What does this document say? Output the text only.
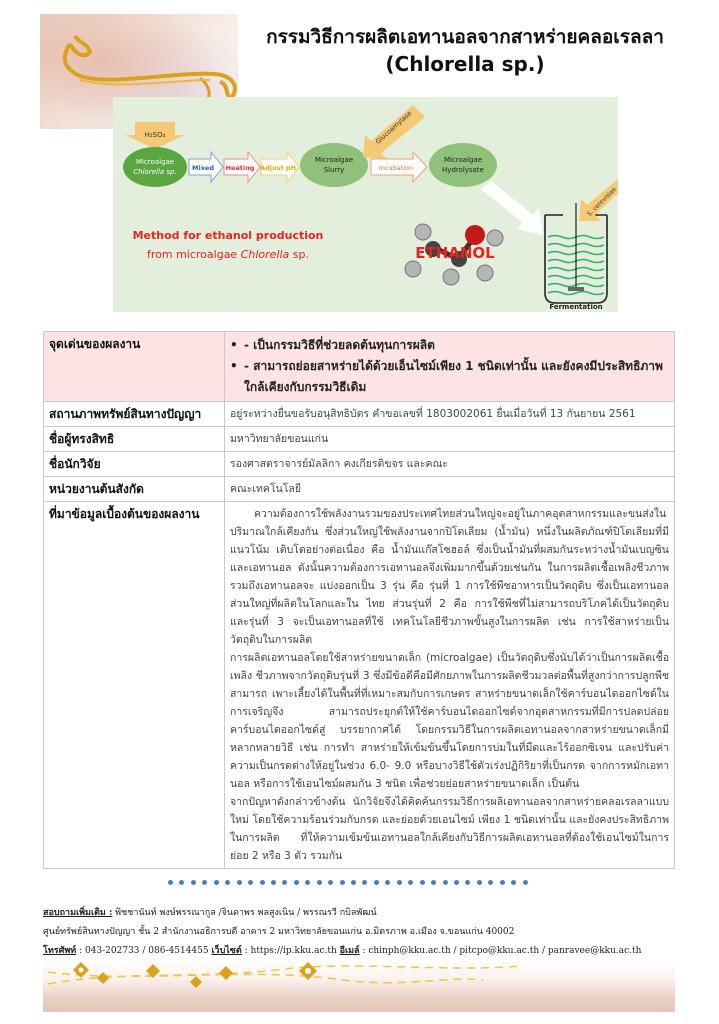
กรรมวิธีการผลิตเอทานอลจากสาหร่ายคลอเรลลา
(Chlorella sp.)
H₂SO₄
Microalgae
Chlorella sp. Mixed Heating Adjust pH
Microalgae
Slurry
Glucoamylase
Incubation
Microalgae
Hydrolysate
Fermentation
S. cerevisiae
Method for ethanol production
from microalgae Chlorella sp.	ETHANOL
จุดเด่นของผลงาน	• - เป็นกรรมวิธีที่ช่วยลดต้นทุนการผลิต
• - สามารถย่อยสาหร่ายได้ด้วยเอ็นไซม์เพียง 1 ชนิดเท่านั้น และยังคงมีประสิทธิภาพ
ใกล้เคียงกับกรรมวิธีเดิม

สถานภาพทรัพย์สินทางปัญญา	อยู่ระหว่างยื่นขอรับอนุสิทธิบัตร คำขอเลขที่ 1803002061 ยื่นเมื่อวันที่ 13 กันยายน 2561
ชื่อผู้ทรงสิทธิ	มหาวิทยาลัยขอนแก่น
ชื่อนักวิจัย	รองศาสตราจารย์มัลลิกา คงเกียรติขจร และคณะ
หน่วยงานต้นสังกัด	คณะเทคโนโลยี
ที่มาข้อมูลเบื้องต้นของผลงาน	ความต้องการใช้พลังงานรวมของประเทศไทยส่วนใหญ่จะอยู่ในภาคอุตสาหกรรมและขนส่งใน ปริมาณใกล้เคียงกัน ซึ่งส่วนใหญ่ใช้พลังงานจากปิโตเลียม (น้ำมัน) หนึ่งในผลิตภัณฑ์ปิโตเลียมที่มีแนวโน้ม เติบโตอย่างต่อเนื่อง คือ น้ำมันแก๊สโซฮอล์ ซึ่งเป็นน้ำมันที่ผสมกันระหว่างน้ำมันเบญซินและเอทานอล ดังนั้นความต้องการเอทานอลจึงเพิ่มมากขึ้นด้วยเช่นกัน ในการผลิตเชื้อเพลิงชีวภาพรวมถึงเอทานอลจะ แบ่งออกเป็น 3 รุ่น คือ รุ่นที่ 1 การใช้พืชอาหารเป็นวัตถุดิบ ซึ่งเป็นเอทานอลส่วนใหญ่ที่ผลิตในโลกและใน ไทย ส่วนรุ่นที่ 2 คือ การใช้พืชที่ไม่สามารถบริโภคได้เป็นวัตถุดิบ และรุ่นที่ 3 จะเป็นเอทานอลที่ใช้ เทคโนโลยีชีวภาพขั้นสูงในการผลิต เช่น การใช้สาหร่ายเป็นวัตถุดิบในการผลิต

การผลิตเอทานอลโดยใช้สาหร่ายขนาดเล็ก (microalgae) เป็นวัตถุดิบซึ่งนับได้ว่าเป็นการผลิตเชื้อเพลิง ชีวภาพจากวัตถุดิบรุ่นที่ 3 ซึ่งมีข้อดีคือมีศักยภาพในการผลิตชีวมวลต่อพื้นที่สูงกว่าการปลูกพืช สามารถ เพาะเลี้ยงได้ในพื้นที่ที่เหมาะสมกับการเกษตร สาหร่ายขนาดเล็กใช้คาร์บอนไดออกไซด์ในการเจริญจึง สามารถประยุกต์ให้ใช้คาร์บอนไดออกไซด์จากอุตสาหกรรมที่มีการปลดปล่อยคาร์บอนไดออกไซด์สู่ บรรยากาศได้ โดยกรรมวิธีในการผลิตเอทานอลจากสาหร่ายขนาดเล็กมีหลากหลายวิธี เช่น การทำ สาหร่ายให้เข้มข้นขึ้นโดยการบ่มในที่มืดและไร้ออกซิเจน และปรับค่าความเป็นกรดด่างให้อยู่ในช่วง 6.0- 9.0 หรือบางวิธีใช้ตัวเร่งปฏิกิริยาที่เป็นกรด จากการหมักเอทานอล หรือการใช้เอนไซม์ผสมกัน 3 ชนิด เพื่อช่วยย่อยสาหร่ายขนาดเล็ก เป็นต้น

จากปัญหาดังกล่าวข้างต้น นักวิจัยจึงได้คิดค้นกรรมวิธีการผลิเอทานอลจากสาหร่ายคลอเรลลาแบบใหม่ โดยใช้ความร้อนร่วมกับกรด และย่อยด้วยเอนไซม์ เพียง 1 ชนิดเท่านั้น และยังคงประสิทธิภาพในการผลิต ที่ให้ความเข้มข้นเอทานอลใกล้เคียงกับวิธีการผลิตเอทานอลที่ต้องใช้เอนไซม์ในการย่อย 2 หรือ 3 ตัว รวมกัน

สอบถามเพิ่มเติม : พิชชานันท์ พงษ์พรรณากูล /จินดาพร พลสูงเนิน / พรรณรวี กบิลพัฒน์
ศูนย์ทรัพย์สินทางปัญญา ชั้น 2 สำนักงานอธิการบดี อาคาร 2 มหาวิทยาลัยขอนแก่น อ.มิตรภาพ อ.เมือง จ.ขอนแก่น 40002
โทรศัพท์ : 043-202733 / 086-4514455 เว็บไซต์ : https://ip.kku.ac.th อีเมล์ : chinph@kku.ac.th / pitcpo@kku.ac.th / panravee@kku.ac.th
